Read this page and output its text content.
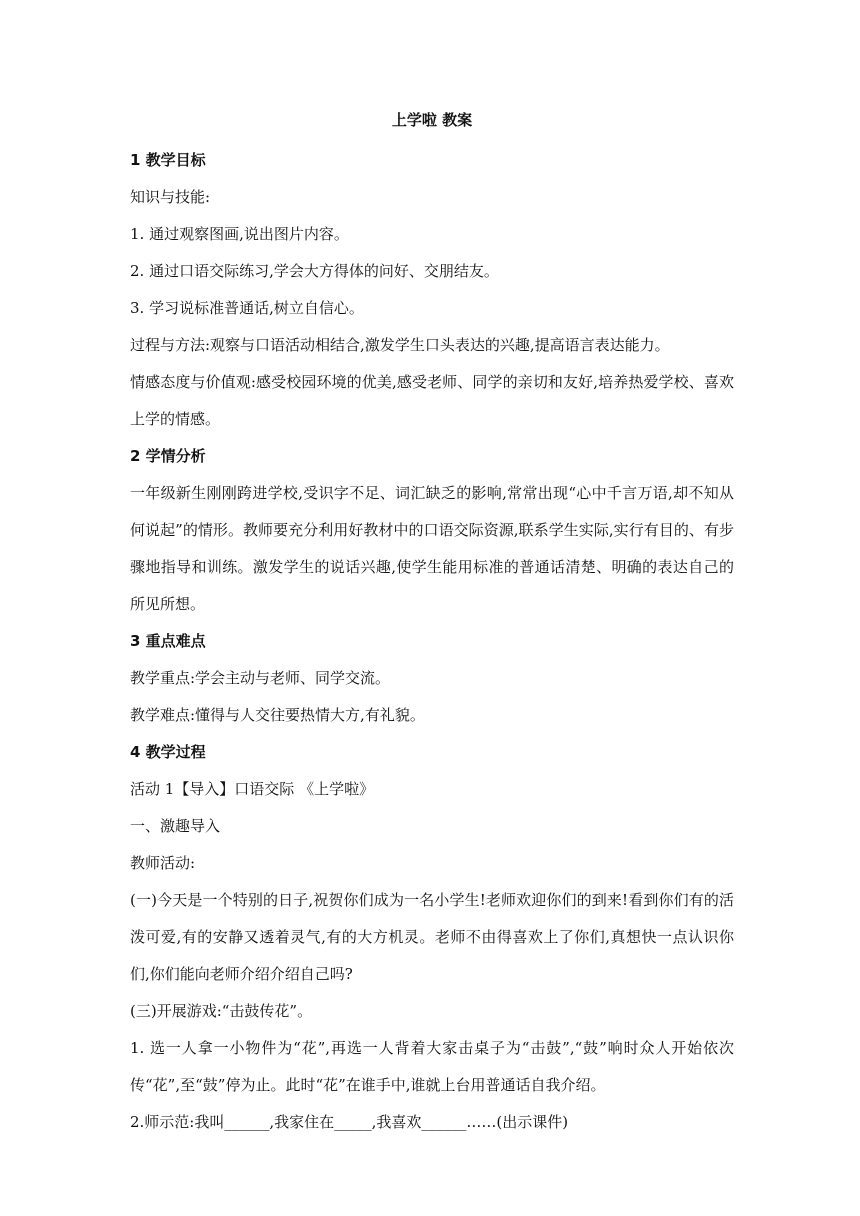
上学啦 教案

1 教学目标

知识与技能:

1. 通过观察图画,说出图片内容。

2. 通过口语交际练习,学会大方得体的问好、交朋结友。

3. 学习说标准普通话,树立自信心。

过程与方法:观察与口语活动相结合,激发学生口头表达的兴趣,提高语言表达能力。

情感态度与价值观:感受校园环境的优美,感受老师、同学的亲切和友好,培养热爱学校、喜欢上学的情感。

2 学情分析

一年级新生刚刚跨进学校,受识字不足、词汇缺乏的影响,常常出现“心中千言万语,却不知从何说起”的情形。教师要充分利用好教材中的口语交际资源,联系学生实际,实行有目的、有步骤地指导和训练。激发学生的说话兴趣,使学生能用标准的普通话清楚、明确的表达自己的所见所想。

3 重点难点

教学重点:学会主动与老师、同学交流。

教学难点:懂得与人交往要热情大方,有礼貌。

4 教学过程

活动 1【导入】口语交际 《上学啦》

一、激趣导入

教师活动:

(一)今天是一个特别的日子,祝贺你们成为一名小学生!老师欢迎你们的到来!看到你们有的活泼可爱,有的安静又透着灵气,有的大方机灵。老师不由得喜欢上了你们,真想快一点认识你们,你们能向老师介绍介绍自己吗?

(三)开展游戏:“击鼓传花”。

1. 选一人拿一小物件为“花”,再选一人背着大家击桌子为“击鼓”,“鼓”响时众人开始依次传“花”,至“鼓”停为止。此时“花”在谁手中,谁就上台用普通话自我介绍。

2.师示范:我叫______,我家住在_____,我喜欢______……(出示课件)
